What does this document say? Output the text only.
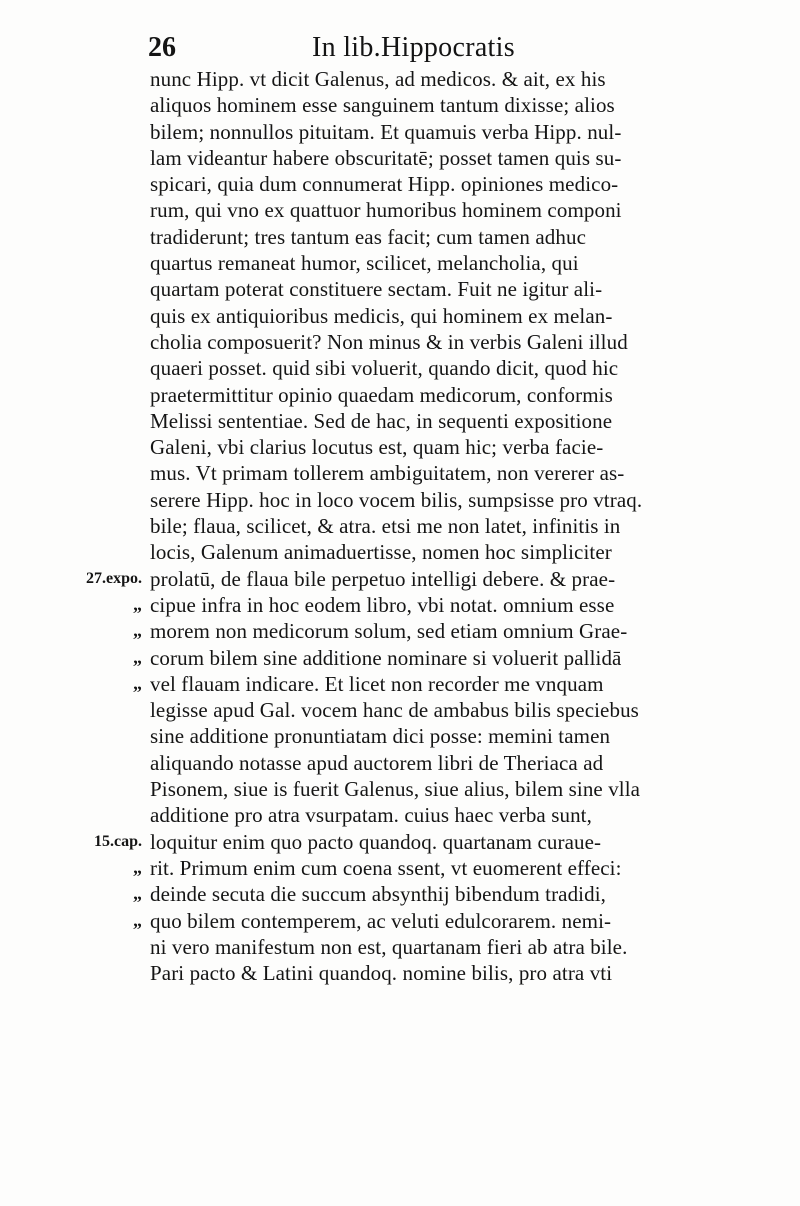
26	In lib.Hippocratis
nunc Hipp. vt dicit Galenus, ad medicos. & ait, ex his
aliquos hominem esse sanguinem tantum dixisse; alios
bilem; nonnullos pituitam. Et quamuis verba Hipp. nul-
lam videantur habere obscuritatē; posset tamen quis su-
spicari, quia dum connumerat Hipp. opiniones medico-
rum, qui vno ex quattuor humoribus hominem componi
tradiderunt; tres tantum eas facit; cum tamen adhuc
quartus remaneat humor, scilicet, melancholia, qui
quartam poterat constituere sectam. Fuit ne igitur ali-
quis ex antiquioribus medicis, qui hominem ex melan-
cholia composuerit? Non minus & in verbis Galeni illud
quaeri posset. quid sibi voluerit, quando dicit, quod hic
praetermittitur opinio quaedam medicorum, conformis
Melissi sententiae. Sed de hac, in sequenti expositione
Galeni, vbi clarius locutus est, quam hic; verba facie-
mus. Vt primam tollerem ambiguitatem, non vererer as-
serere Hipp. hoc in loco vocem bilis, sumpsisse pro vtraq.
bile; flaua, scilicet, & atra. etsi me non latet, infinitis in
locis, Galenum animaduertisse, nomen hoc simpliciter
27.expo. prolatū, de flaua bile perpetuo intelligi debere. & prae-
„ cipue infra in hoc eodem libro, vbi notat. omnium esse
„ morem non medicorum solum, sed etiam omnium Grae-
„ corum bilem sine additione nominare si voluerit pallidā
„ vel flauam indicare. Et licet non recorder me vnquam
legisse apud Gal. vocem hanc de ambabus bilis speciebus
sine additione pronuntiatam dici posse: memini tamen
aliquando notasse apud auctorem libri de Theriaca ad
Pisonem, siue is fuerit Galenus, siue alius, bilem sine vlla
additione pro atra vsurpatam. cuius haec verba sunt,
15.cap. loquitur enim quo pacto quandoq. quartanam curaue-
„ rit. Primum enim cum coena ssent, vt euomerent effeci:
„ deinde secuta die succum absynthij bibendum tradidi,
„ quo bilem contemperem, ac veluti edulcorarem. nemi-
ni vero manifestum non est, quartanam fieri ab atra bile.
Pari pacto & Latini quandoq. nomine bilis, pro atra vti
